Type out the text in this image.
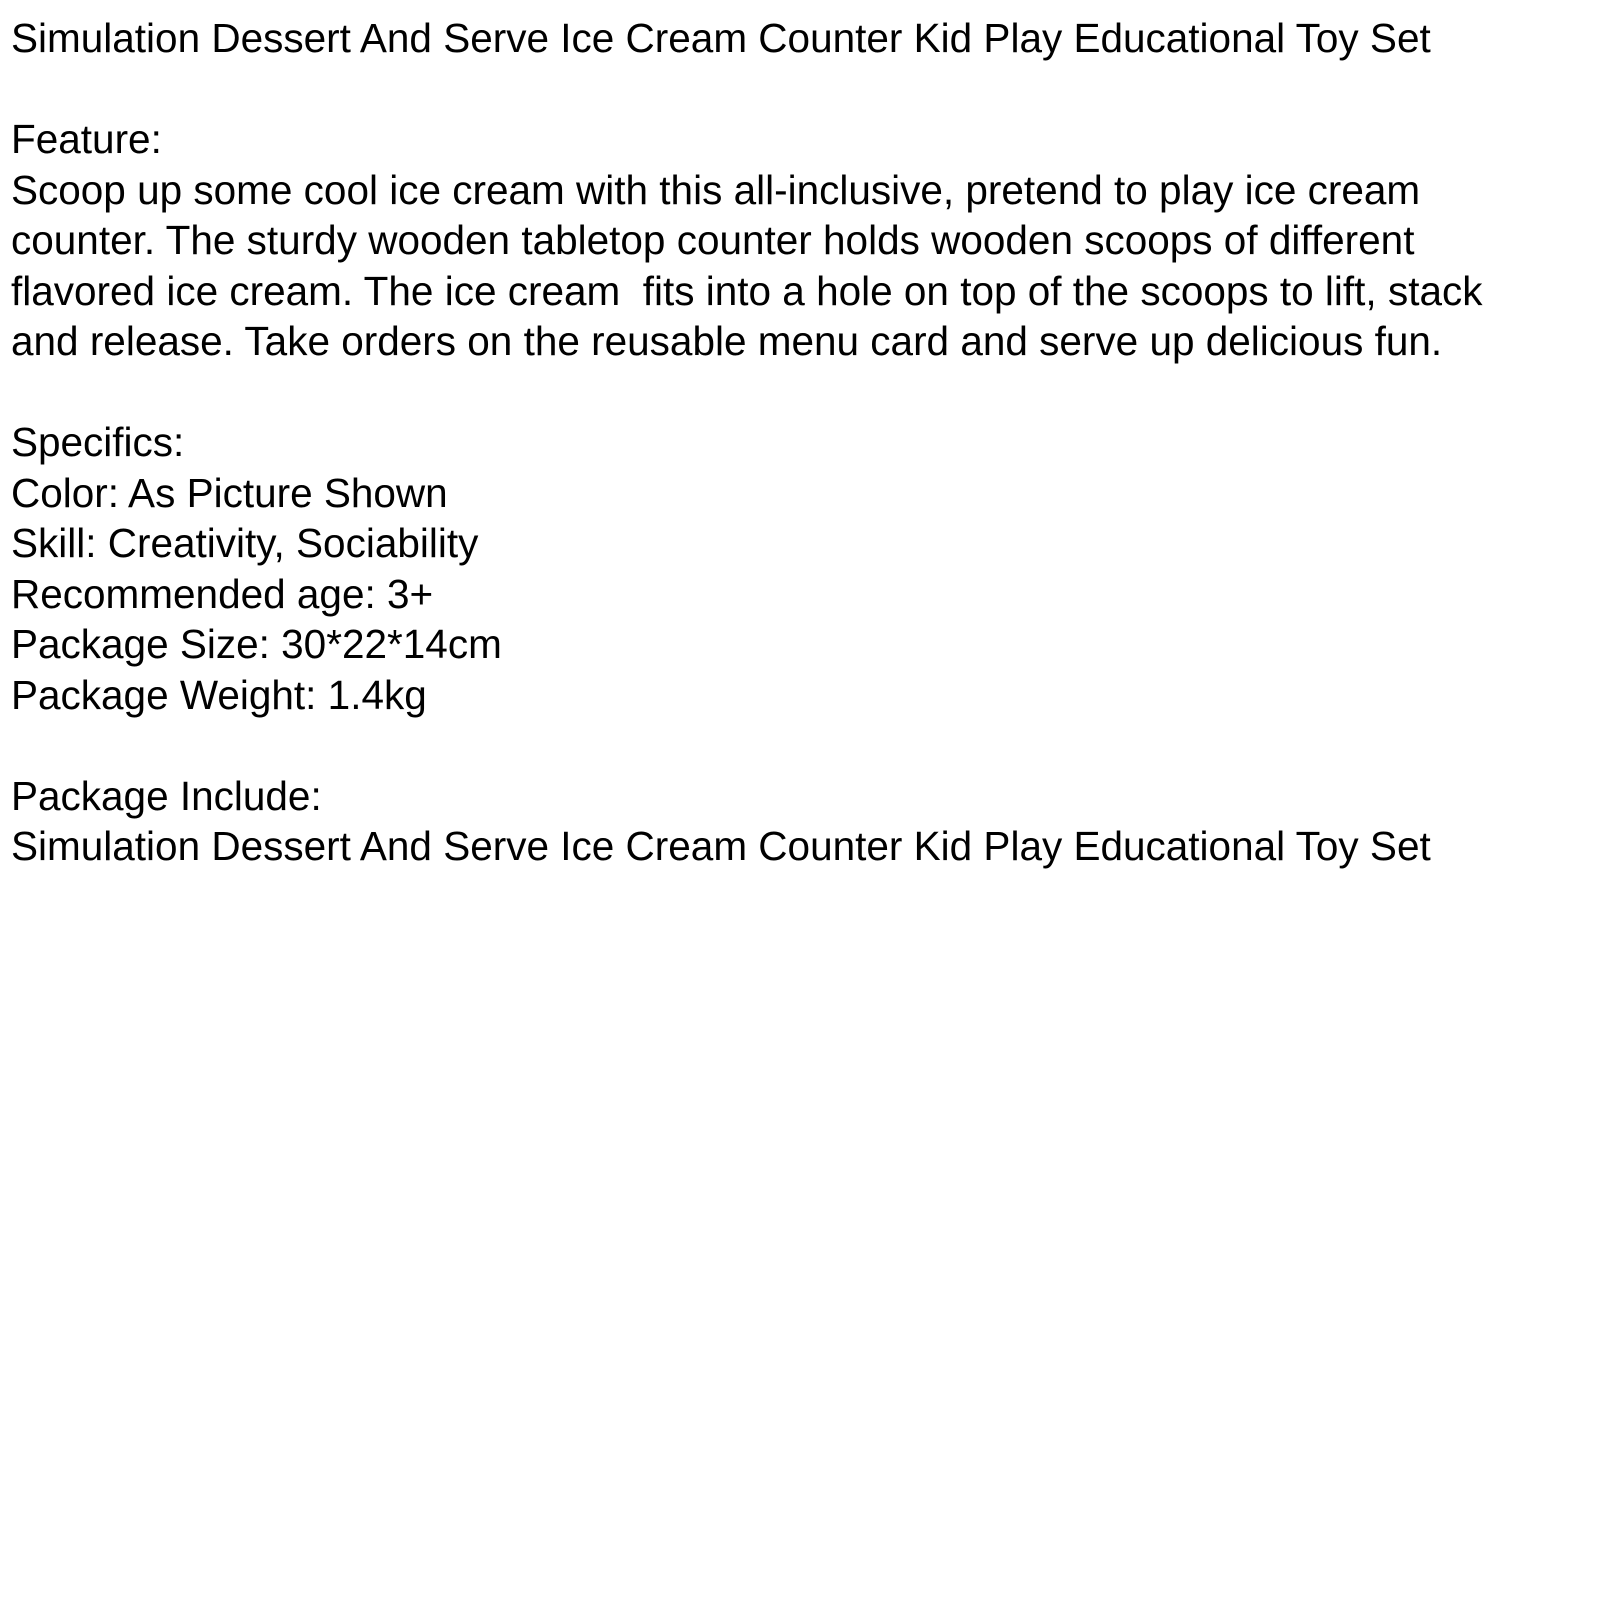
Simulation Dessert And Serve Ice Cream Counter Kid Play Educational Toy Set
Feature:
Scoop up some cool ice cream with this all-inclusive, pretend to play ice cream
counter. The sturdy wooden tabletop counter holds wooden scoops of different
flavored ice cream. The ice cream  fits into a hole on top of the scoops to lift, stack
and release. Take orders on the reusable menu card and serve up delicious fun.
Specifics:
Color: As Picture Shown
Skill: Creativity, Sociability
Recommended age: 3+
Package Size: 30*22*14cm
Package Weight: 1.4kg
Package Include:
Simulation Dessert And Serve Ice Cream Counter Kid Play Educational Toy Set
